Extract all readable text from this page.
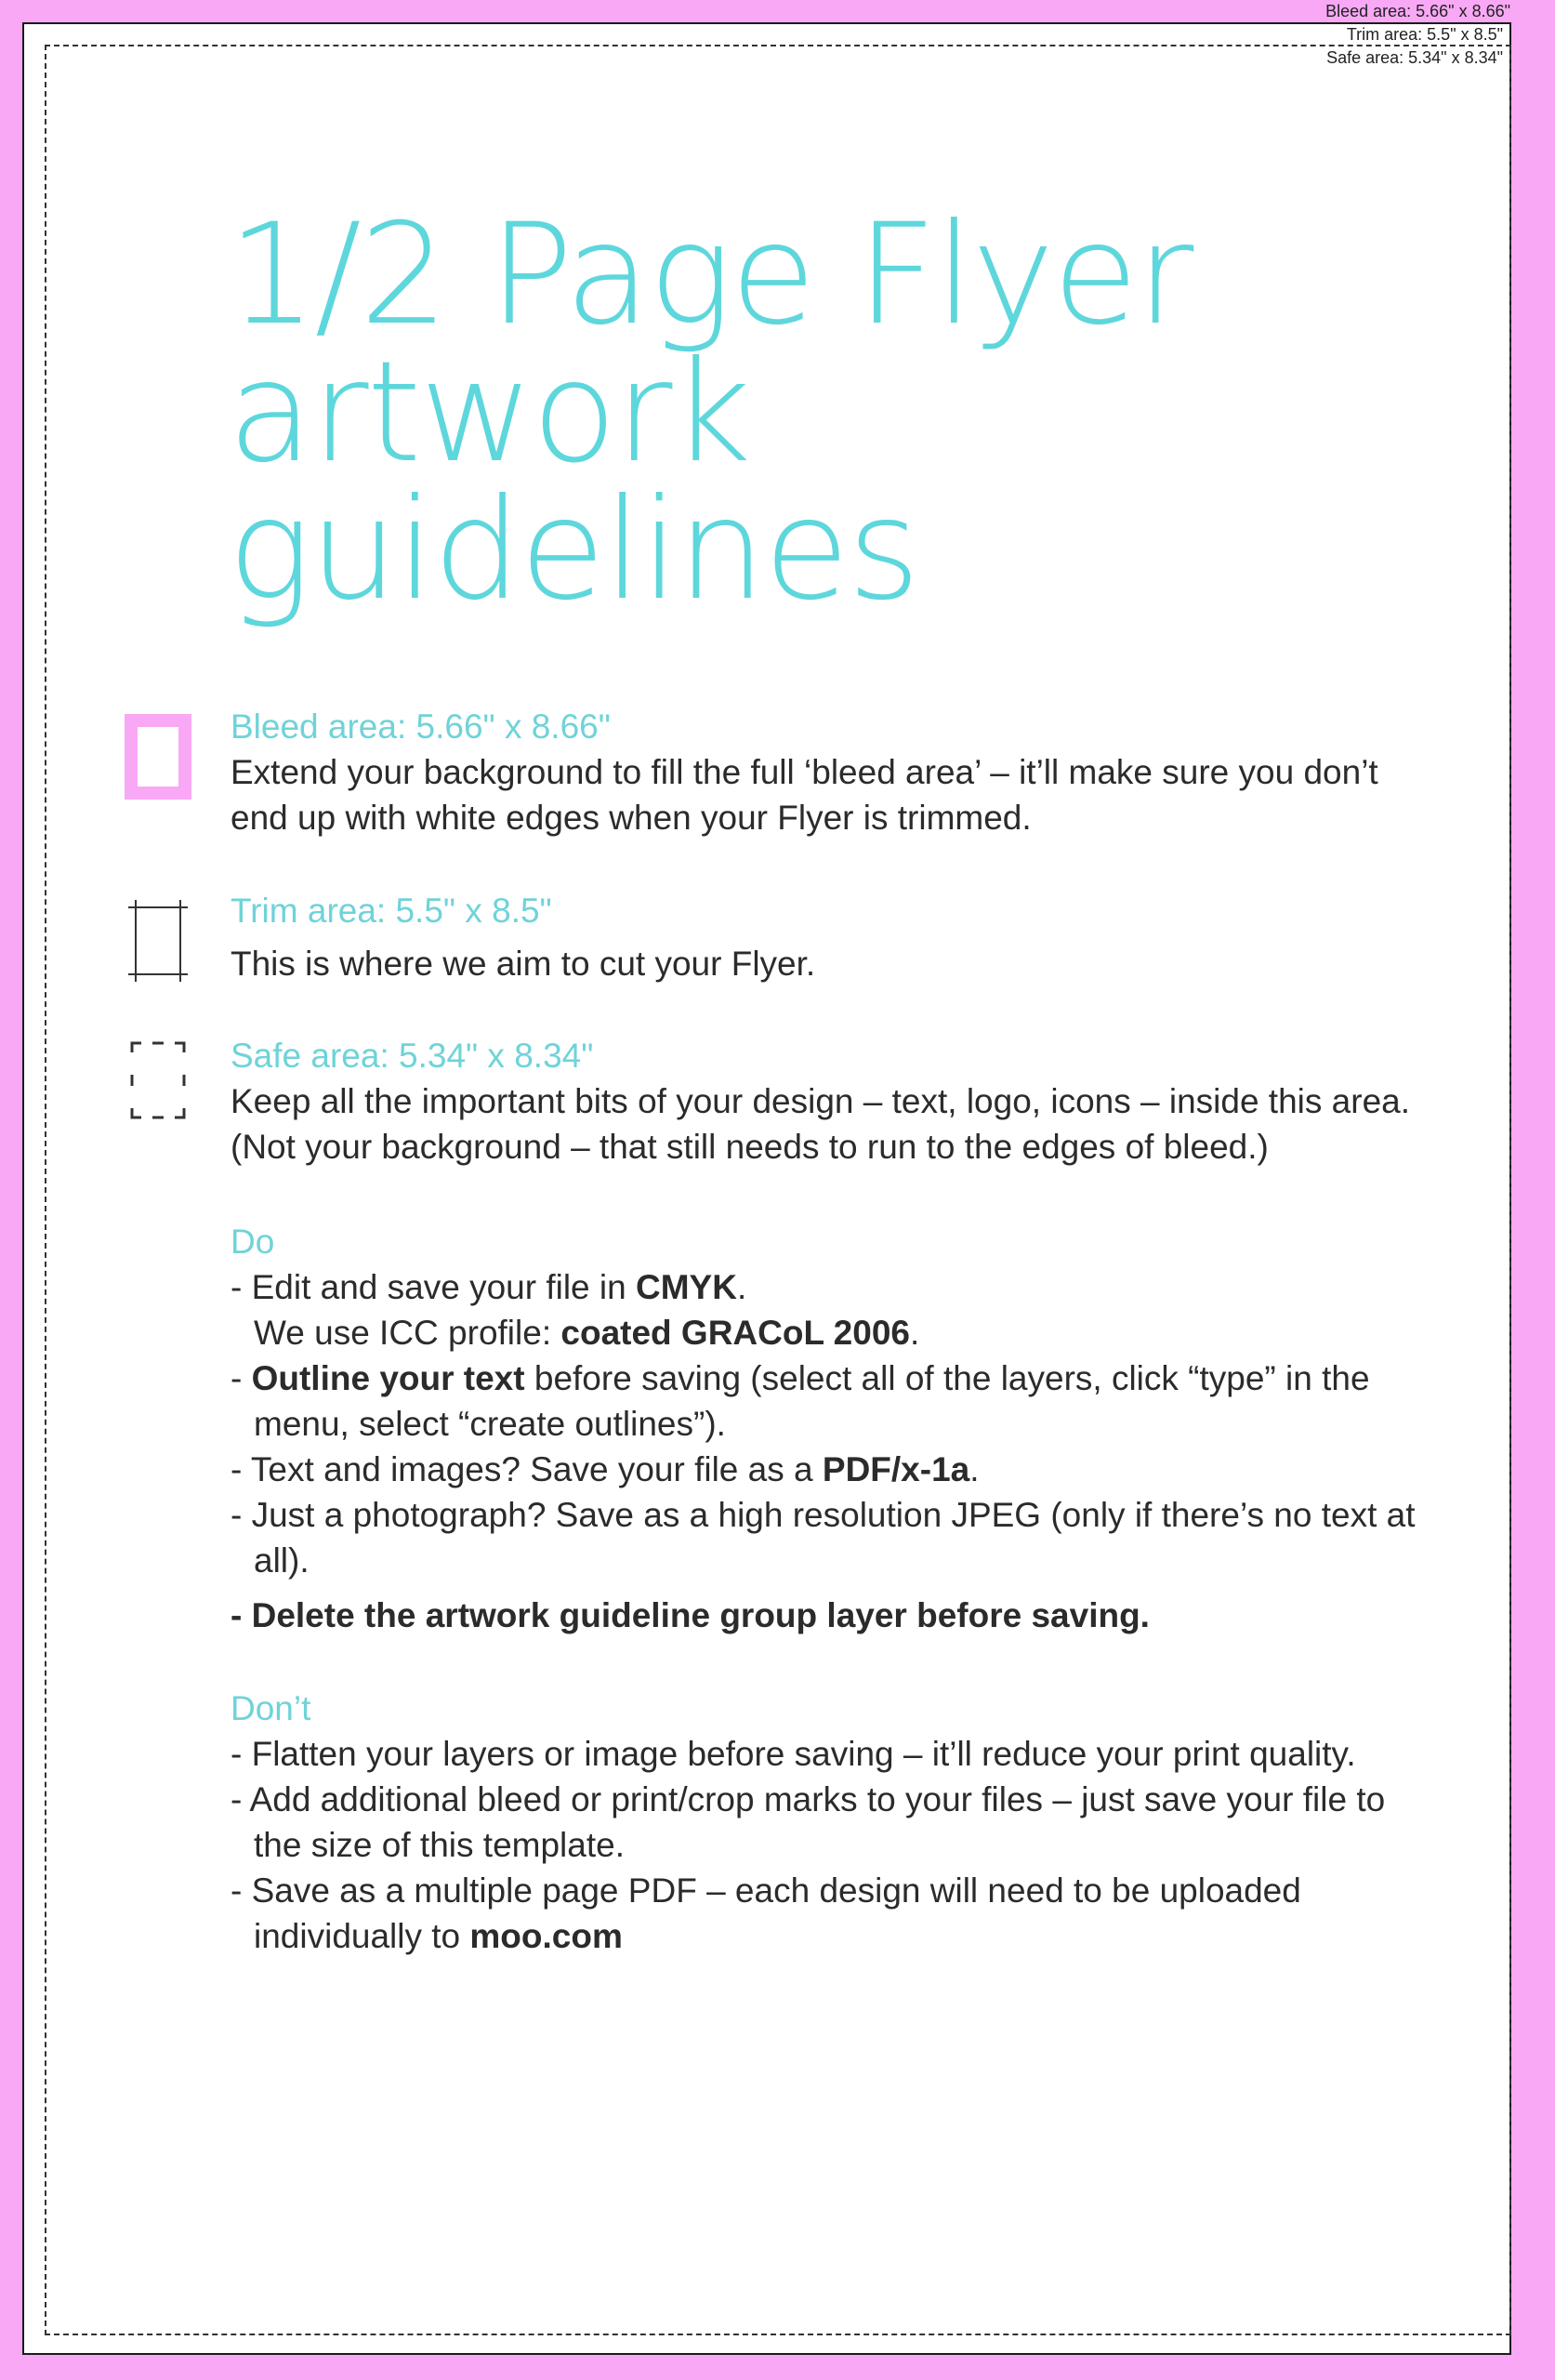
Bleed area: 5.66" x 8.66"
Trim area: 5.5" x 8.5"
Safe area: 5.34" x 8.34"
1/2 Page Flyer
artwork
guidelines
Bleed area: 5.66" x 8.66"
Extend your background to fill the full ‘bleed area’ – it’ll make sure you don’t end up with white edges when your Flyer is trimmed.
Trim area: 5.5" x 8.5"
This is where we aim to cut your Flyer.
Safe area: 5.34" x 8.34"
Keep all the important bits of your design – text, logo, icons – inside this area. (Not your background – that still needs to run to the edges of bleed.)
Do
- Edit and save your file in CMYK.
We use ICC profile: coated GRACoL 2006.
- Outline your text before saving (select all of the layers, click “type” in the menu, select “create outlines”).
- Text and images? Save your file as a PDF/x-1a.
- Just a photograph? Save as a high resolution JPEG (only if there’s no text at all).
- Delete the artwork guideline group layer before saving.
Don’t
- Flatten your layers or image before saving – it’ll reduce your print quality.
- Add additional bleed or print/crop marks to your files – just save your file to the size of this template.
- Save as a multiple page PDF – each design will need to be uploaded individually to moo.com
